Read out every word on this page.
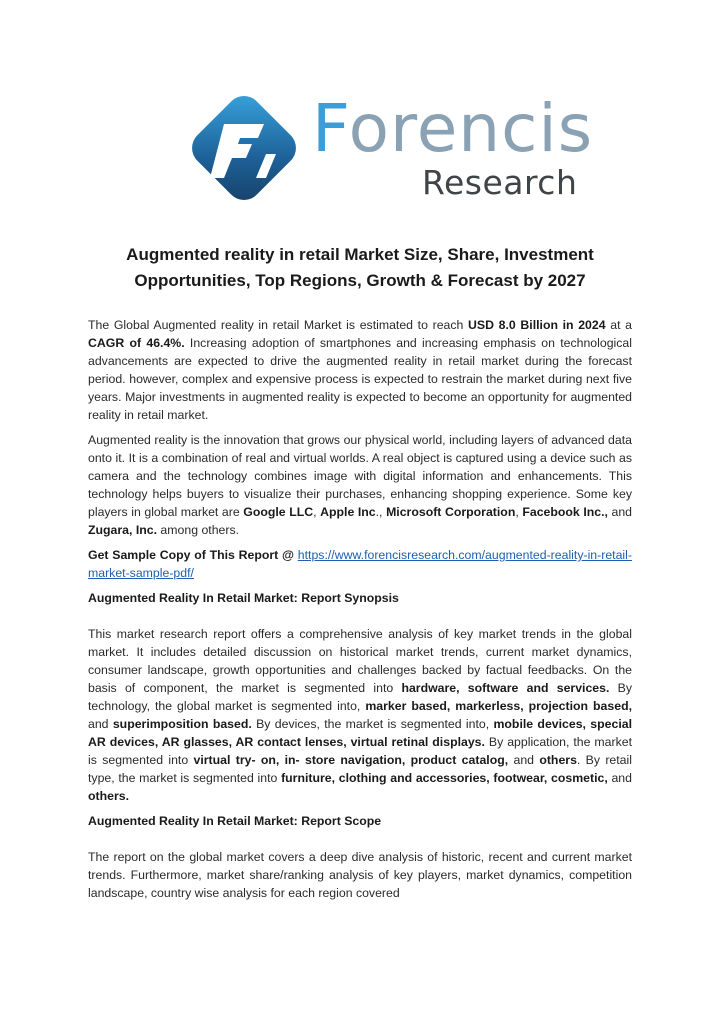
Forencis
Research
Augmented reality in retail Market Size, Share, Investment Opportunities, Top Regions, Growth & Forecast by 2027

The Global Augmented reality in retail Market is estimated to reach USD 8.0 Billion in 2024 at a CAGR of 46.4%. Increasing adoption of smartphones and increasing emphasis on technological advancements are expected to drive the augmented reality in retail market during the forecast period. however, complex and expensive process is expected to restrain the market during next five years. Major investments in augmented reality is expected to become an opportunity for augmented reality in retail market.

Augmented reality is the innovation that grows our physical world, including layers of advanced data onto it. It is a combination of real and virtual worlds. A real object is captured using a device such as camera and the technology combines image with digital information and enhancements. This technology helps buyers to visualize their purchases, enhancing shopping experience. Some key players in global market are Google LLC, Apple Inc., Microsoft Corporation, Facebook Inc., and Zugara, Inc. among others.

Get Sample Copy of This Report @ https://www.forencisresearch.com/augmented-reality-in-retail-market-sample-pdf/

Augmented Reality In Retail Market: Report Synopsis

This market research report offers a comprehensive analysis of key market trends in the global market. It includes detailed discussion on historical market trends, current market dynamics, consumer landscape, growth opportunities and challenges backed by factual feedbacks. On the basis of component, the market is segmented into hardware, software and services. By technology, the global market is segmented into, marker based, markerless, projection based, and superimposition based. By devices, the market is segmented into, mobile devices, special AR devices, AR glasses, AR contact lenses, virtual retinal displays. By application, the market is segmented into virtual try- on, in- store navigation, product catalog, and others. By retail type, the market is segmented into furniture, clothing and accessories, footwear, cosmetic, and others.

Augmented Reality In Retail Market: Report Scope

The report on the global market covers a deep dive analysis of historic, recent and current market trends. Furthermore, market share/ranking analysis of key players, market dynamics, competition landscape, country wise analysis for each region covered
